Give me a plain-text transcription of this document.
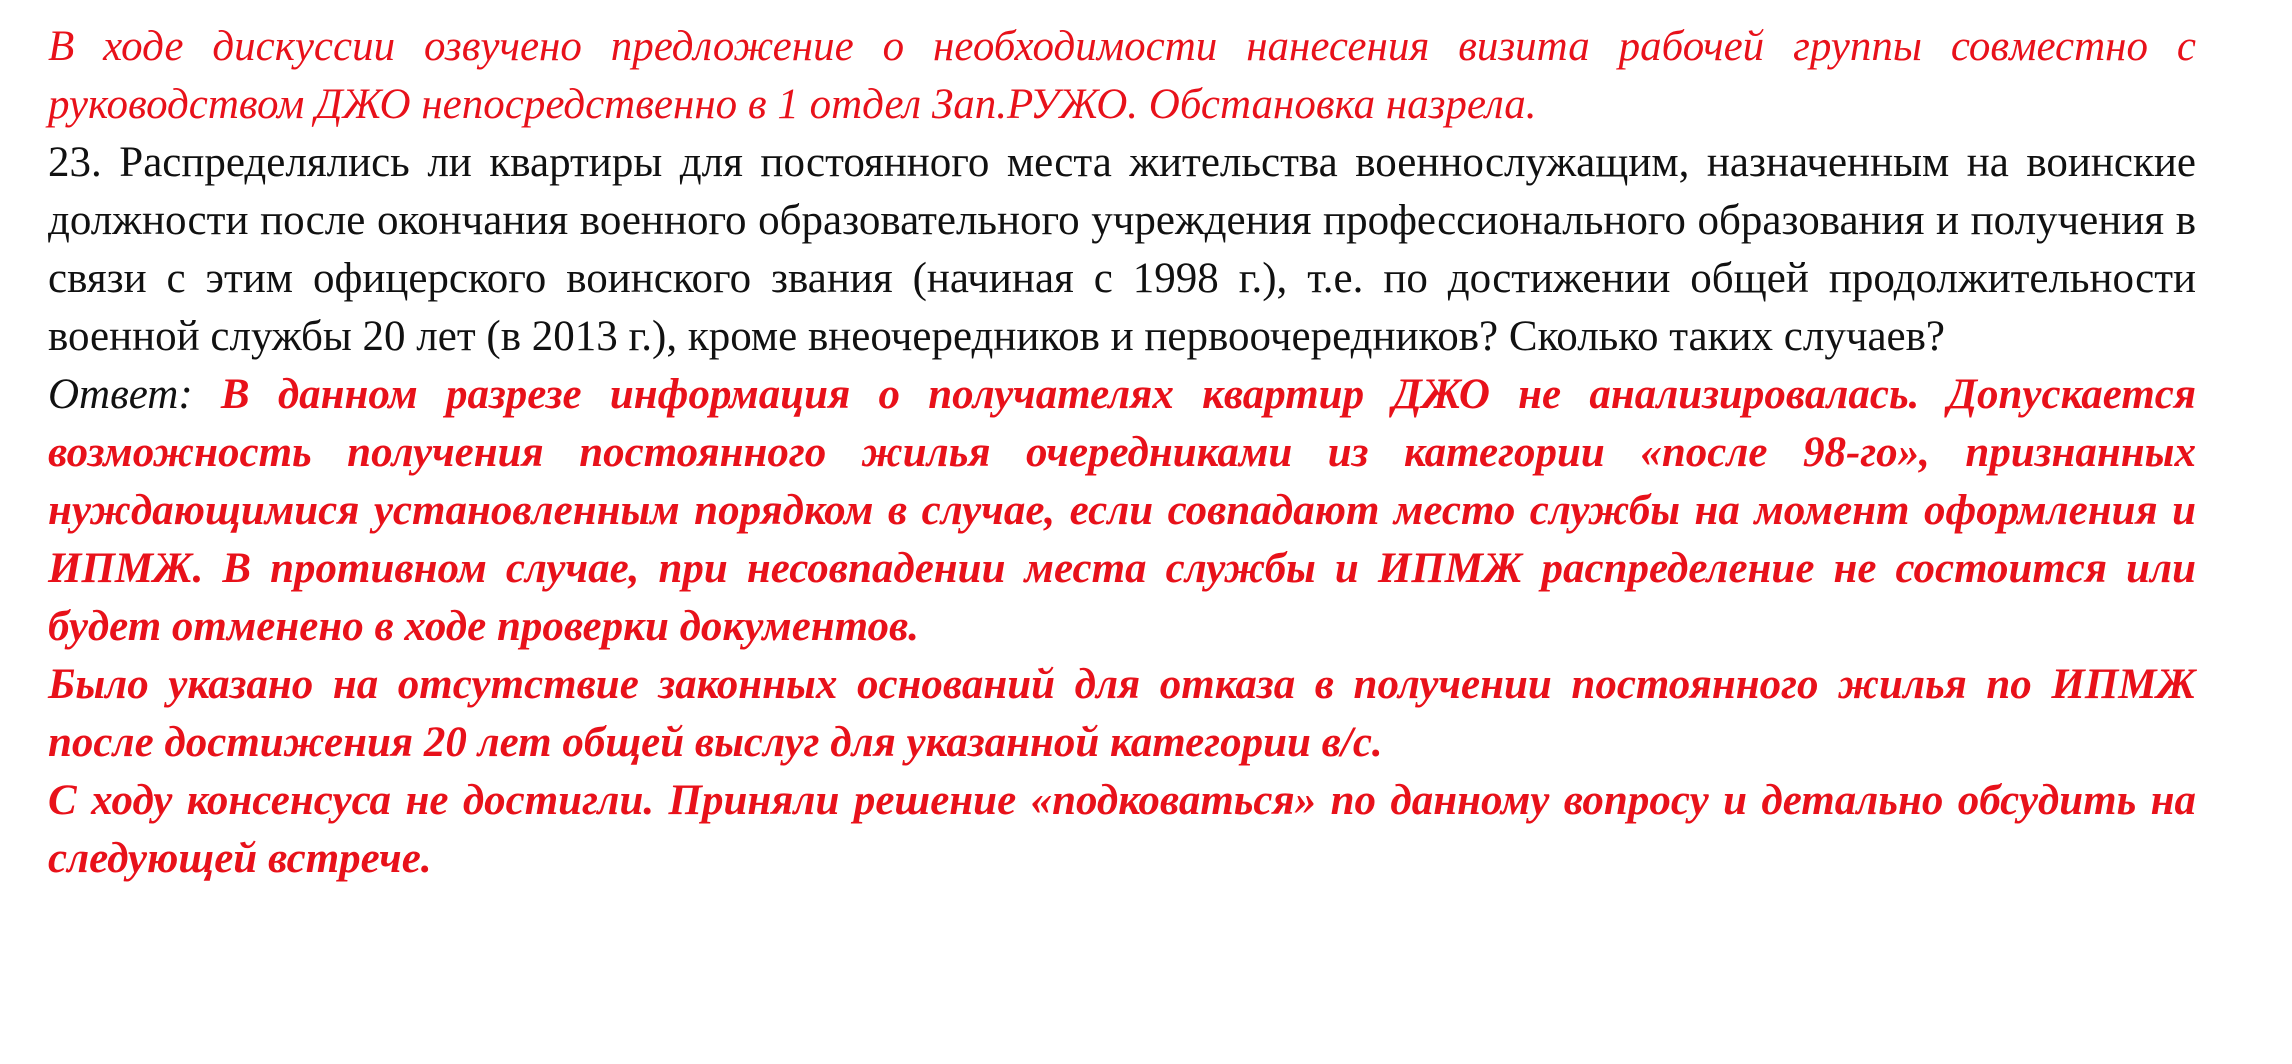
В ходе дискуссии озвучено предложение о необходимости нанесения визита рабочей группы совместно с руководством ДЖО непосредственно в 1 отдел Зап.РУЖО. Обстановка назрела.

23. Распределялись ли квартиры для постоянного места жительства военнослужащим, назначенным на воинские должности после окончания военного образовательного учреждения профессионального образования и получения в связи с этим офицерского воинского звания (начиная с 1998 г.), т.е. по достижении общей продолжительности военной службы 20 лет (в 2013 г.), кроме внеочередников и первоочередников? Сколько таких случаев?

Ответ: В данном разрезе информация о получателях квартир ДЖО не анализировалась. Допускается возможность получения постоянного жилья очередниками из категории «после 98-го», признанных нуждающимися установленным порядком в случае, если совпадают место службы на момент оформления и ИПМЖ. В противном случае, при несовпадении места службы и ИПМЖ распределение не состоится или будет отменено в ходе проверки документов.

Было указано на отсутствие законных оснований для отказа в получении постоянного жилья по ИПМЖ после достижения 20 лет общей выслуг для указанной категории в/с.

С ходу консенсуса не достигли. Приняли решение «подковаться» по данному вопросу и детально обсудить на следующей встрече.
